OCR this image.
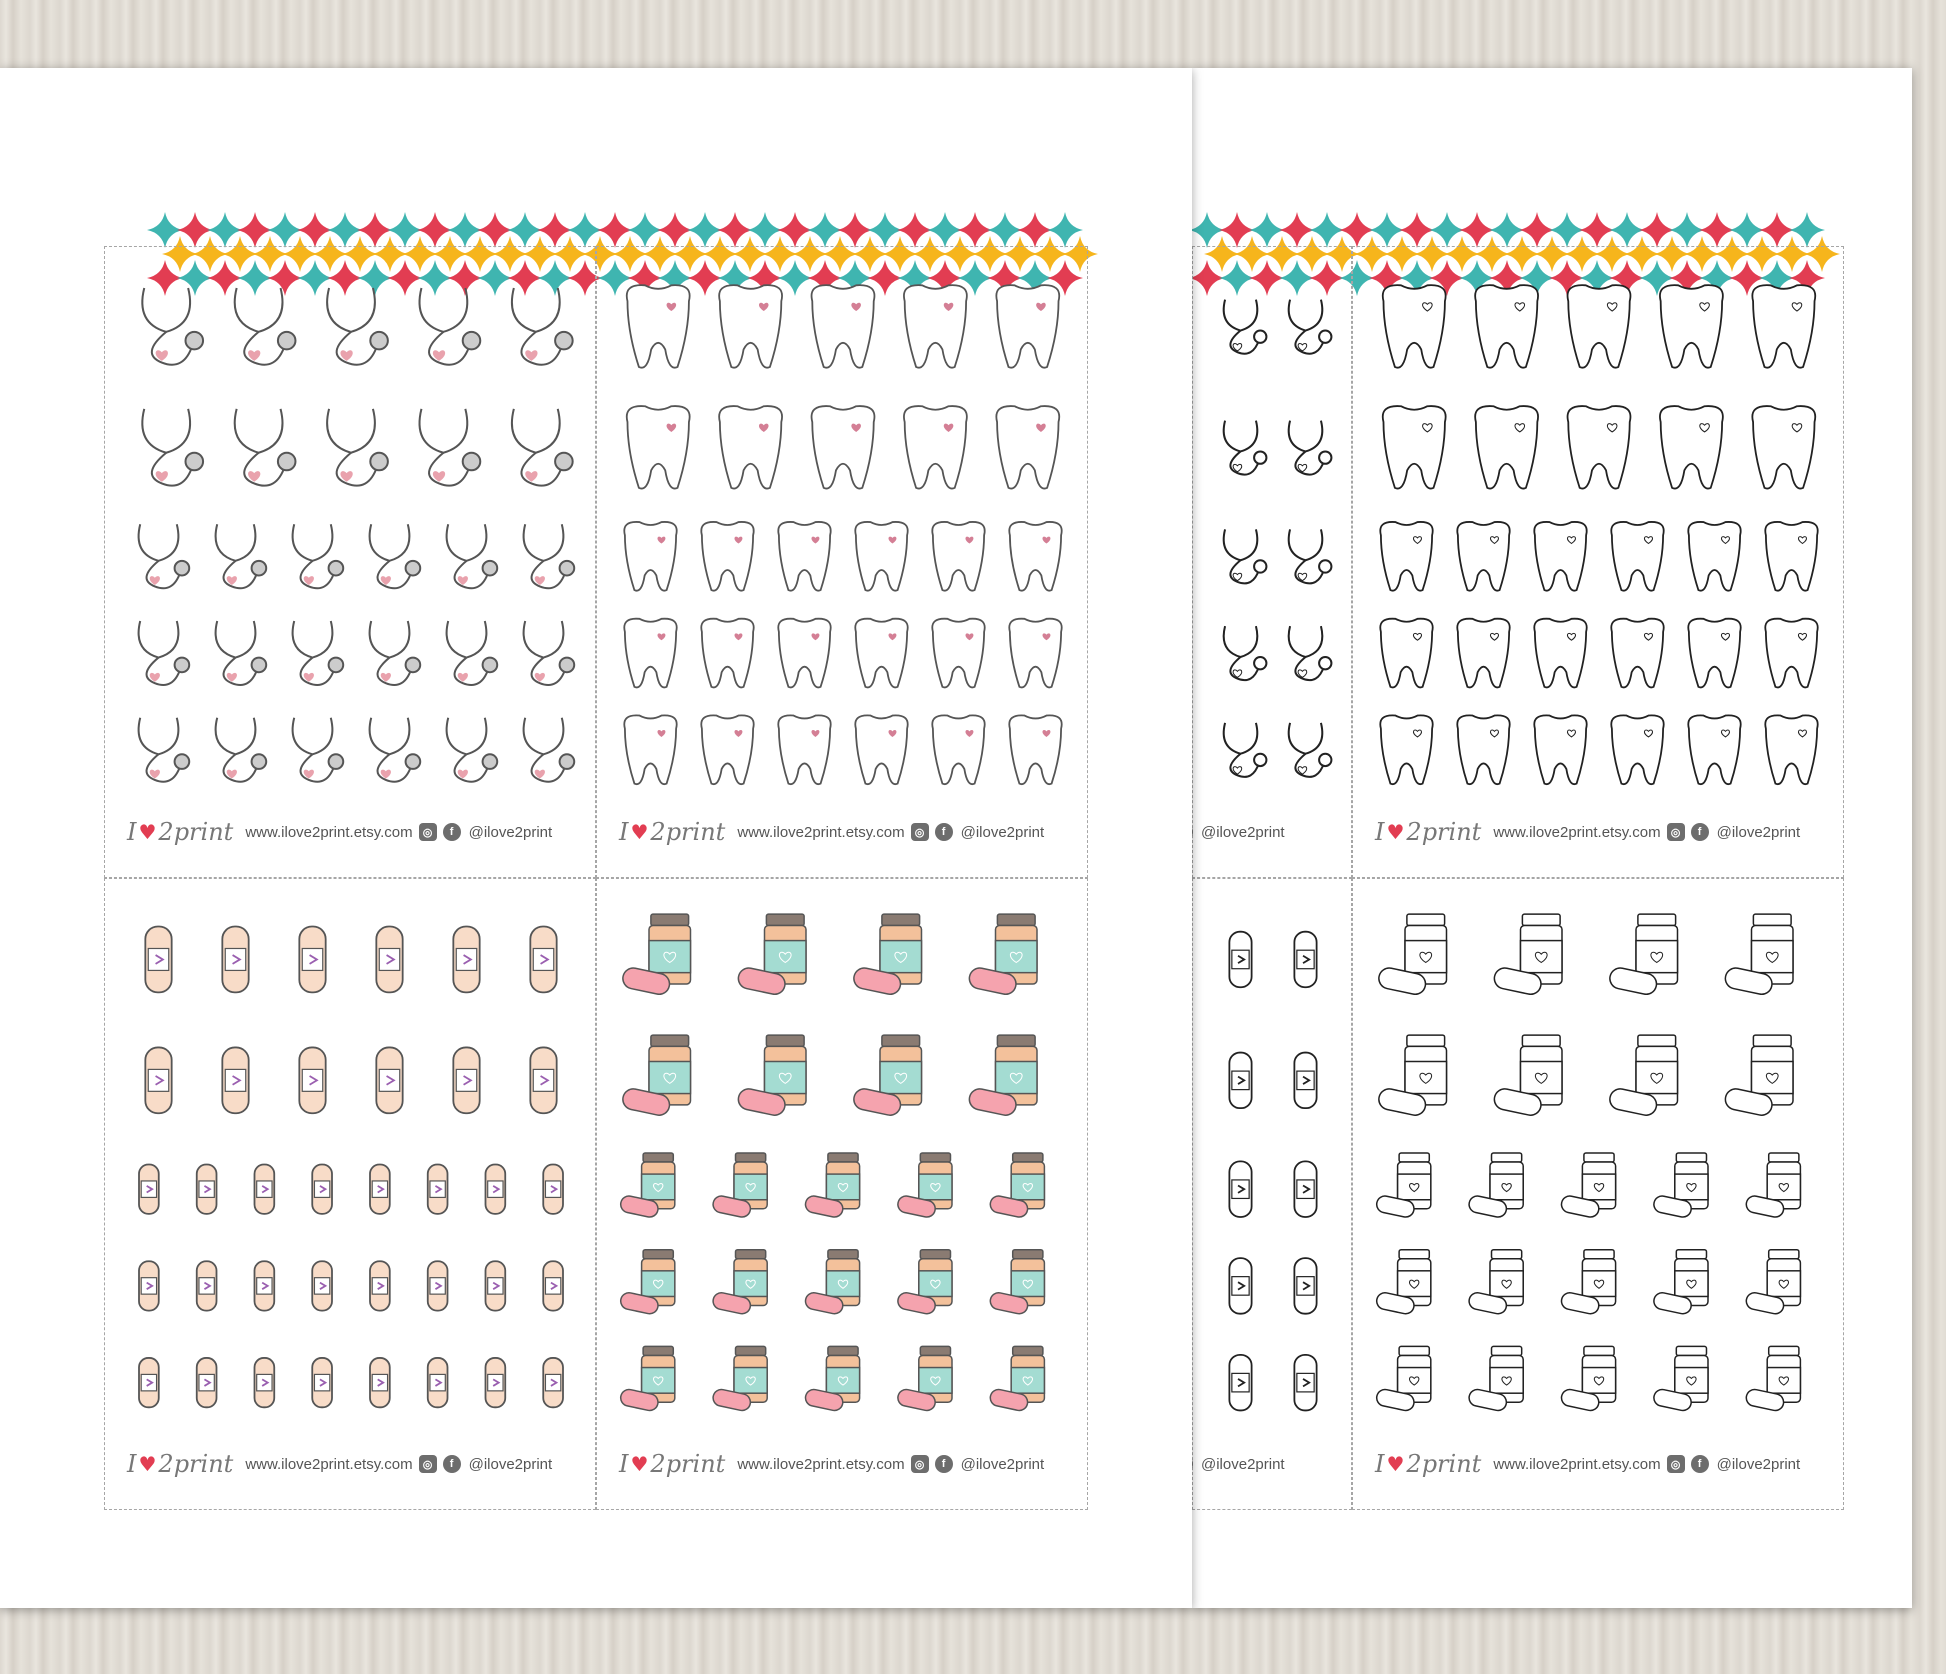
@ilove2print	I ♥ 2print www.ilove2print.etsy.com ◎	f	@ilove2print
@ilove2print	I ♥ 2print www.ilove2print.etsy.com ◎	f	@ilove2print
I ♥ 2print www.ilove2print.etsy.com ◎	f	@ilove2print	I ♥ 2print www.ilove2print.etsy.com ◎	f	@ilove2print
I ♥ 2print www.ilove2print.etsy.com ◎	f	@ilove2print	I ♥ 2print www.ilove2print.etsy.com ◎	f	@ilove2print
